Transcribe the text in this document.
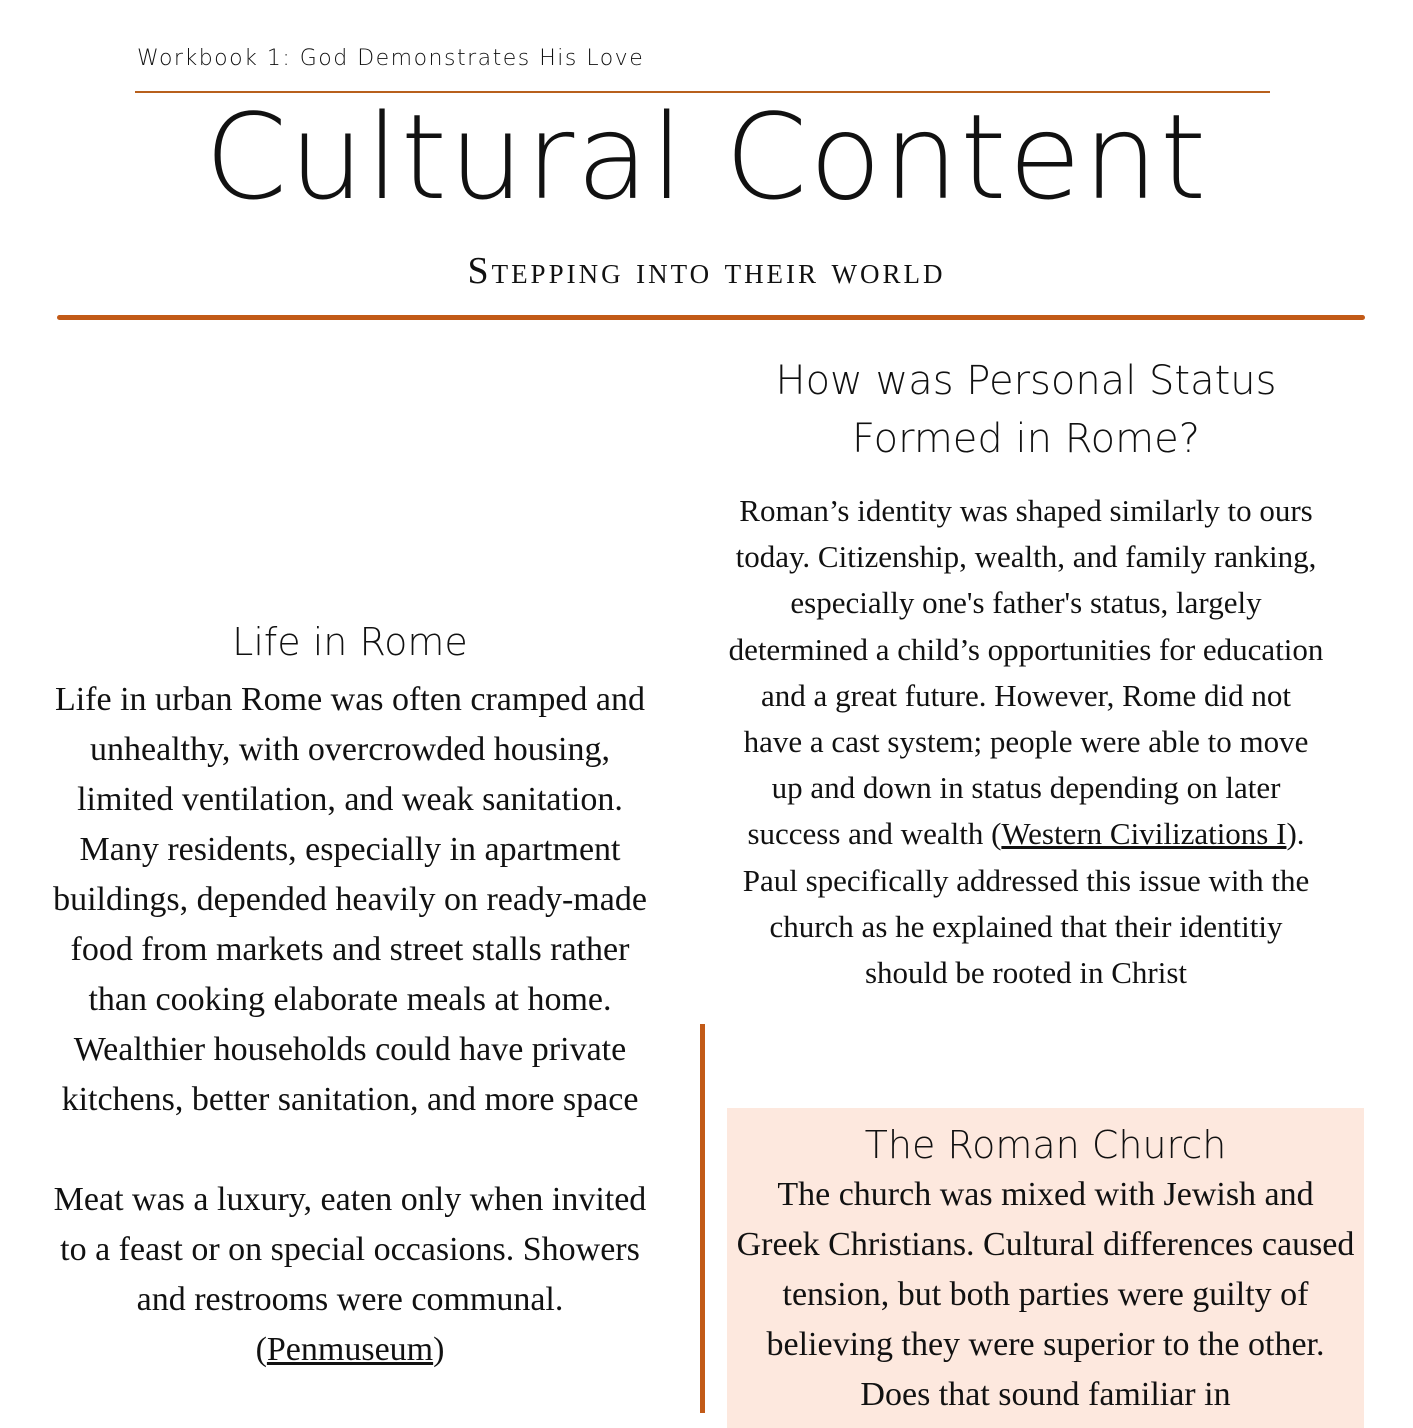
Workbook 1: God Demonstrates His Love
Cultural Content
Stepping into their world
Life in Rome

Life in urban Rome was often cramped and unhealthy, with overcrowded housing, limited ventilation, and weak sanitation. Many residents, especially in apartment buildings, depended heavily on ready-made food from markets and street stalls rather than cooking elaborate meals at home. Wealthier households could have private kitchens, better sanitation, and more space

Meat was a luxury, eaten only when invited to a feast or on special occasions. Showers and restrooms were communal.
(Penmuseum)

How was Personal Status Formed in Rome?

Roman’s identity was shaped similarly to ours today. Citizenship, wealth, and family ranking, especially one's father's status, largely determined a child’s opportunities for education and a great future. However, Rome did not have a cast system; people were able to move up and down in status depending on later success and wealth (Western Civilizations I). Paul specifically addressed this issue with the church as he explained that their identitiy should be rooted in Christ

The Roman Church

The church was mixed with Jewish and Greek Christians. Cultural differences caused tension, but both parties were guilty of believing they were superior to the other. Does that sound familiar in
